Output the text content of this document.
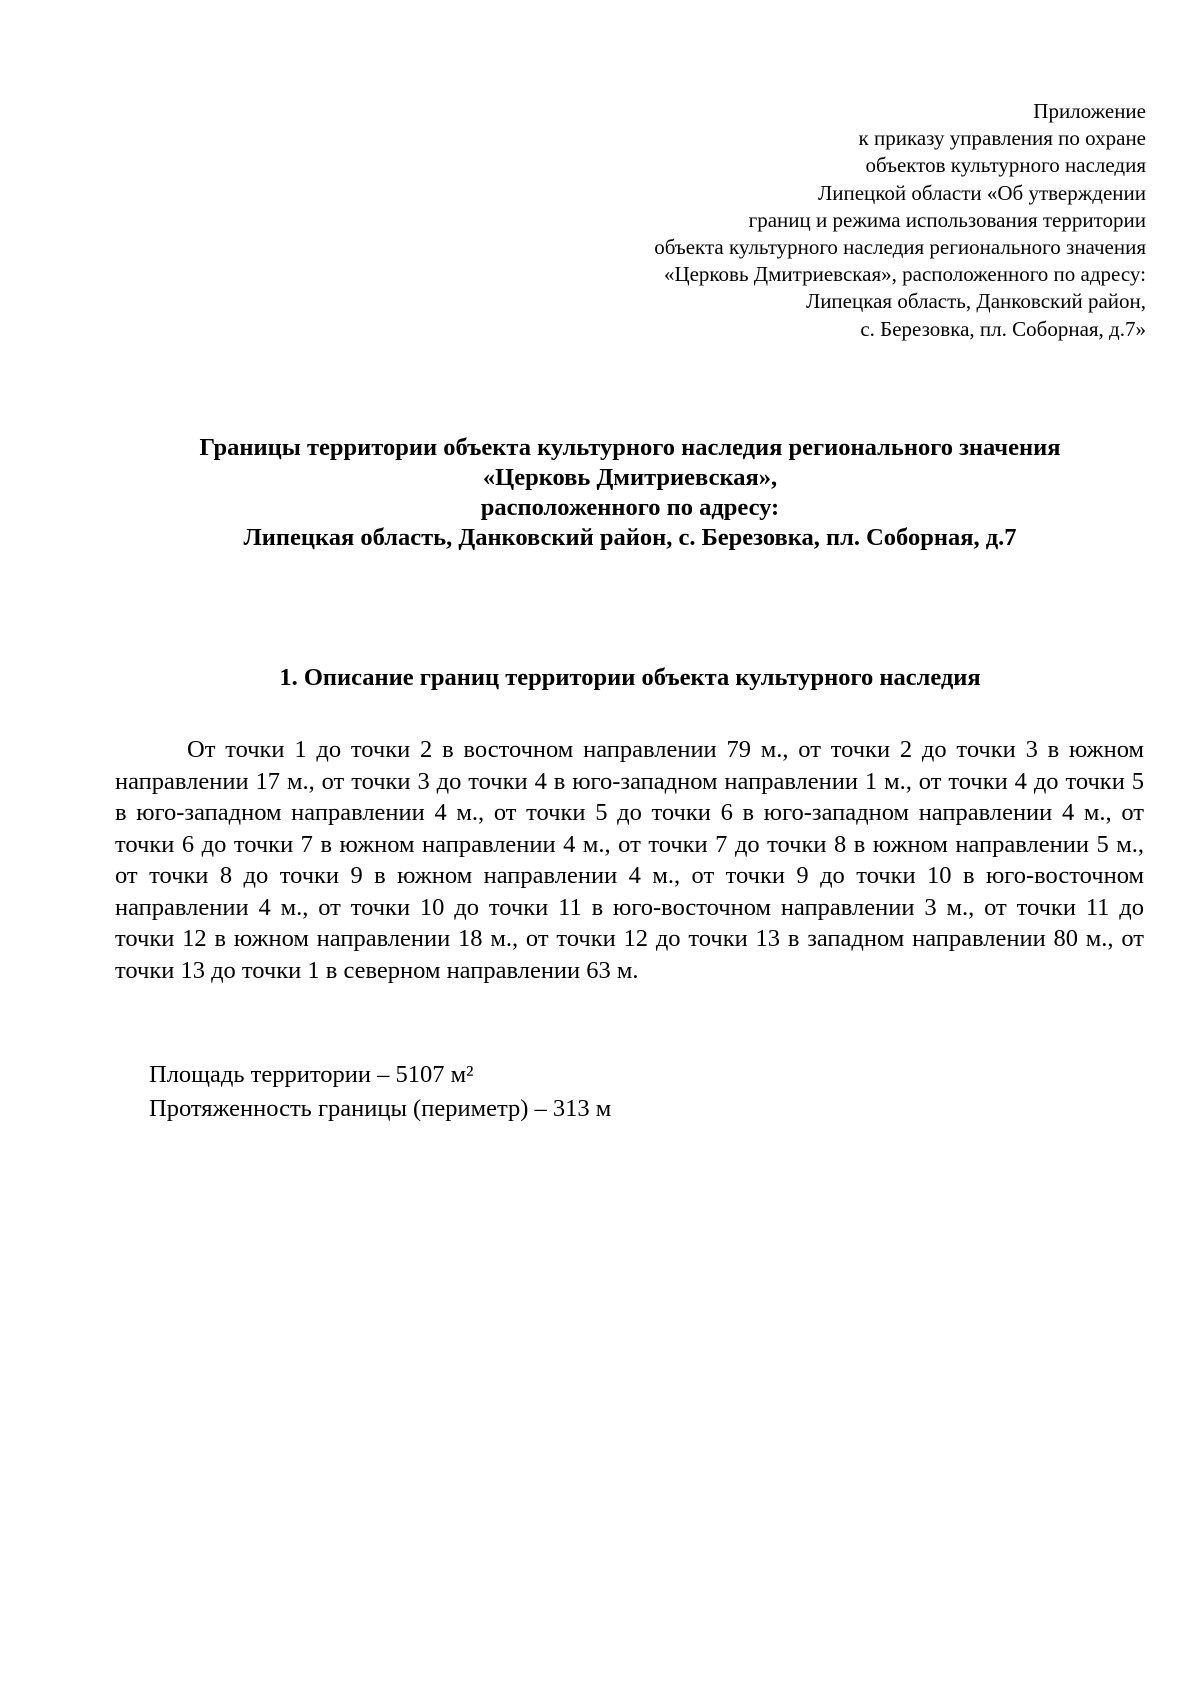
Приложение
к приказу управления по охране
объектов культурного наследия
Липецкой области «Об утверждении
границ и режима использования территории
объекта культурного наследия регионального значения
«Церковь Дмитриевская», расположенного по адресу:
Липецкая область, Данковский район,
с. Березовка, пл. Соборная, д.7»
Границы территории объекта культурного наследия регионального значения
«Церковь Дмитриевская»,
расположенного по адресу:
Липецкая область, Данковский район, с. Березовка, пл. Соборная, д.7
1. Описание границ территории объекта культурного наследия

От точки 1 до точки 2 в восточном направлении 79 м., от точки 2 до точки 3 в южном направлении 17 м., от точки 3 до точки 4 в юго-западном направлении 1 м., от точки 4 до точки 5 в юго-западном направлении 4 м., от точки 5 до точки 6 в юго-западном направлении 4 м., от точки 6 до точки 7 в южном направлении 4 м., от точки 7 до точки 8 в южном направлении 5 м., от точки 8 до точки 9 в южном направлении 4 м., от точки 9 до точки 10 в юго-восточном направлении 4 м., от точки 10 до точки 11 в юго-восточном направлении 3 м., от точки 11 до точки 12 в южном направлении 18 м., от точки 12 до точки 13 в западном направлении 80 м., от точки 13 до точки 1 в северном направлении 63 м.

Площадь территории – 5107 м²
Протяженность границы (периметр) – 313 м
